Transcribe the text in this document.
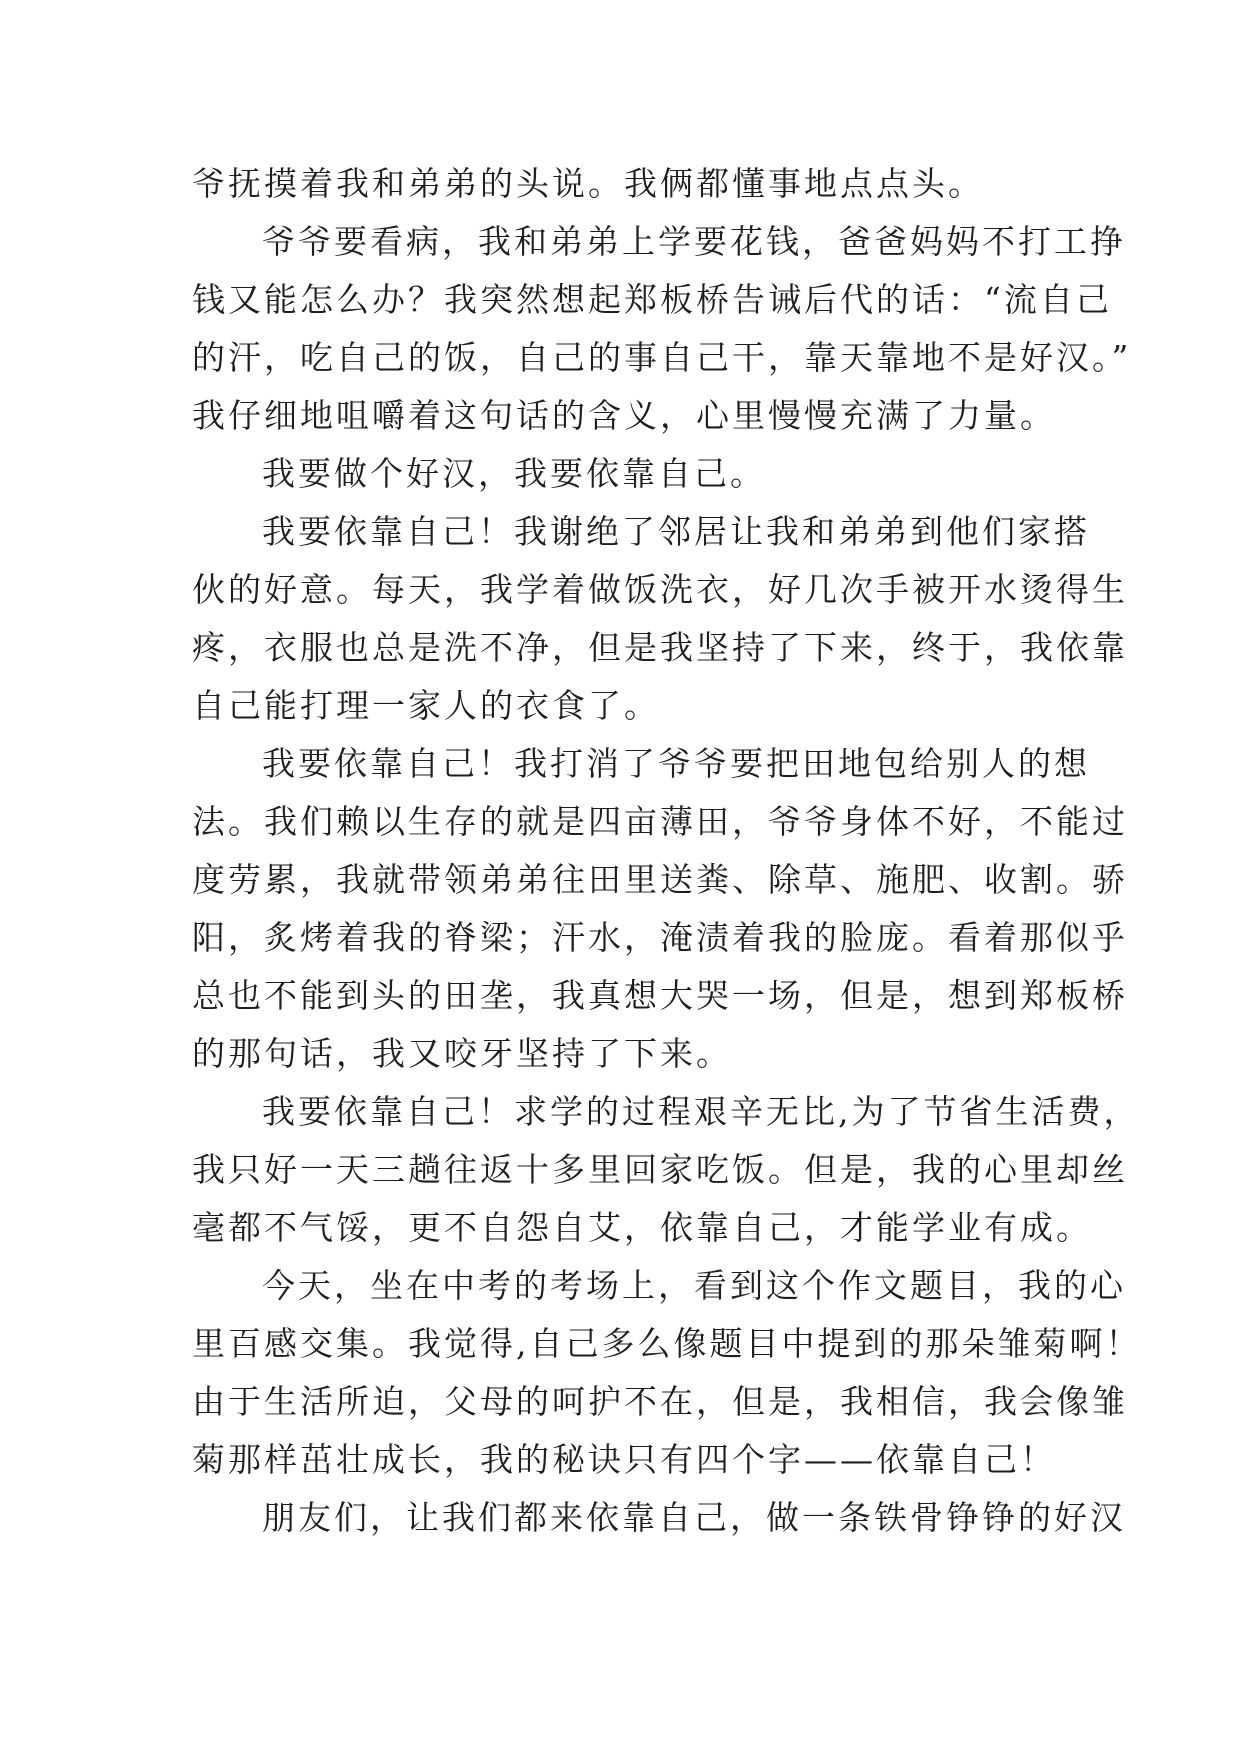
爷抚摸着我和弟弟的头说。我俩都懂事地点点头。
爷爷要看病，我和弟弟上学要花钱，爸爸妈妈不打工挣
钱又能怎么办？我突然想起郑板桥告诫后代的话：“流自己
的汗，吃自己的饭，自己的事自己干，靠天靠地不是好汉。”
我仔细地咀嚼着这句话的含义，心里慢慢充满了力量。
我要做个好汉，我要依靠自己。
我要依靠自己！我谢绝了邻居让我和弟弟到他们家搭
伙的好意。每天，我学着做饭洗衣，好几次手被开水烫得生
疼，衣服也总是洗不净，但是我坚持了下来，终于，我依靠
自己能打理一家人的衣食了。
我要依靠自己！我打消了爷爷要把田地包给别人的想
法。我们赖以生存的就是四亩薄田，爷爷身体不好，不能过
度劳累，我就带领弟弟往田里送粪、除草、施肥、收割。骄
阳，炙烤着我的脊梁；汗水，淹渍着我的脸庞。看着那似乎
总也不能到头的田垄，我真想大哭一场，但是，想到郑板桥
的那句话，我又咬牙坚持了下来。
我要依靠自己！求学的过程艰辛无比,为了节省生活费，
我只好一天三趟往返十多里回家吃饭。但是，我的心里却丝
毫都不气馁，更不自怨自艾，依靠自己，才能学业有成。
今天，坐在中考的考场上，看到这个作文题目，我的心
里百感交集。我觉得,自己多么像题目中提到的那朵雏菊啊！
由于生活所迫，父母的呵护不在，但是，我相信，我会像雏
菊那样茁壮成长，我的秘诀只有四个字——依靠自己！
朋友们，让我们都来依靠自己，做一条铁骨铮铮的好汉
